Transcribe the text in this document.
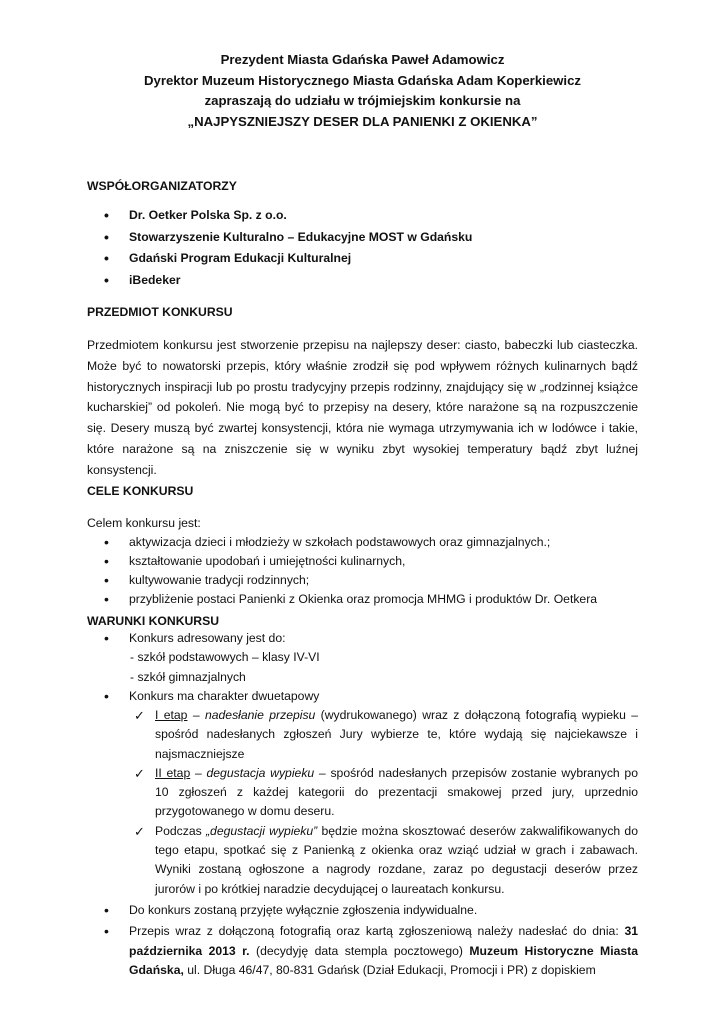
Prezydent Miasta Gdańska Paweł Adamowicz
Dyrektor Muzeum Historycznego Miasta Gdańska Adam Koperkiewicz
zapraszają do udziału w trójmiejskim konkursie na
„NAJPYSZNIEJSZY DESER DLA PANIENKI Z OKIENKA”
WSPÓŁORGANIZATORZY
• Dr. Oetker Polska Sp. z o.o.
• Stowarzyszenie Kulturalno – Edukacyjne MOST w Gdańsku
• Gdański Program Edukacji Kulturalnej
• iBedeker
PRZEDMIOT KONKURSU

Przedmiotem konkursu jest stworzenie przepisu na najlepszy deser: ciasto, babeczki lub ciasteczka. Może być to nowatorski przepis, który właśnie zrodził się pod wpływem różnych kulinarnych bądź historycznych inspiracji lub po prostu tradycyjny przepis rodzinny, znajdujący się w „rodzinnej książce kucharskiej” od pokoleń. Nie mogą być to przepisy na desery, które narażone są na rozpuszczenie się. Desery muszą być zwartej konsystencji, która nie wymaga utrzymywania ich w lodówce i takie, które narażone są na zniszczenie się w wyniku zbyt wysokiej temperatury bądź zbyt luźnej konsystencji.

CELE KONKURSU
Celem konkursu jest:
• aktywizacja dzieci i młodzieży w szkołach podstawowych oraz gimnazjalnych.;
• kształtowanie upodobań i umiejętności kulinarnych,
• kultywowanie tradycji rodzinnych;
• przybliżenie postaci Panienki z Okienka oraz promocja MHMG i produktów Dr. Oetkera
WARUNKI KONKURSU
• Konkurs adresowany jest do:
- szkół podstawowych – klasy IV-VI
- szkół gimnazjalnych
• Konkurs ma charakter dwuetapowy
✓ I etap – nadesłanie przepisu (wydrukowanego) wraz z dołączoną fotografią wypieku – spośród nadesłanych zgłoszeń Jury wybierze te, które wydają się najciekawsze i najsmaczniejsze
✓ II etap – degustacja wypieku – spośród nadesłanych przepisów zostanie wybranych po 10 zgłoszeń z każdej kategorii do prezentacji smakowej przed jury, uprzednio przygotowanego w domu deseru.
✓ Podczas „degustacji wypieku” będzie można skosztować deserów zakwalifikowanych do tego etapu, spotkać się z Panienką z okienka oraz wziąć udział w grach i zabawach. Wyniki zostaną ogłoszone a nagrody rozdane, zaraz po degustacji deserów przez jurorów i po krótkiej naradzie decydującej o laureatach konkursu.
• Do konkurs zostaną przyjęte wyłącznie zgłoszenia indywidualne.
• Przepis wraz z dołączoną fotografią oraz kartą zgłoszeniową należy nadesłać do dnia: 31 października 2013 r. (decydyję data stempla pocztowego) Muzeum Historyczne Miasta Gdańska, ul. Długa 46/47, 80-831 Gdańsk (Dział Edukacji, Promocji i PR) z dopiskiem
